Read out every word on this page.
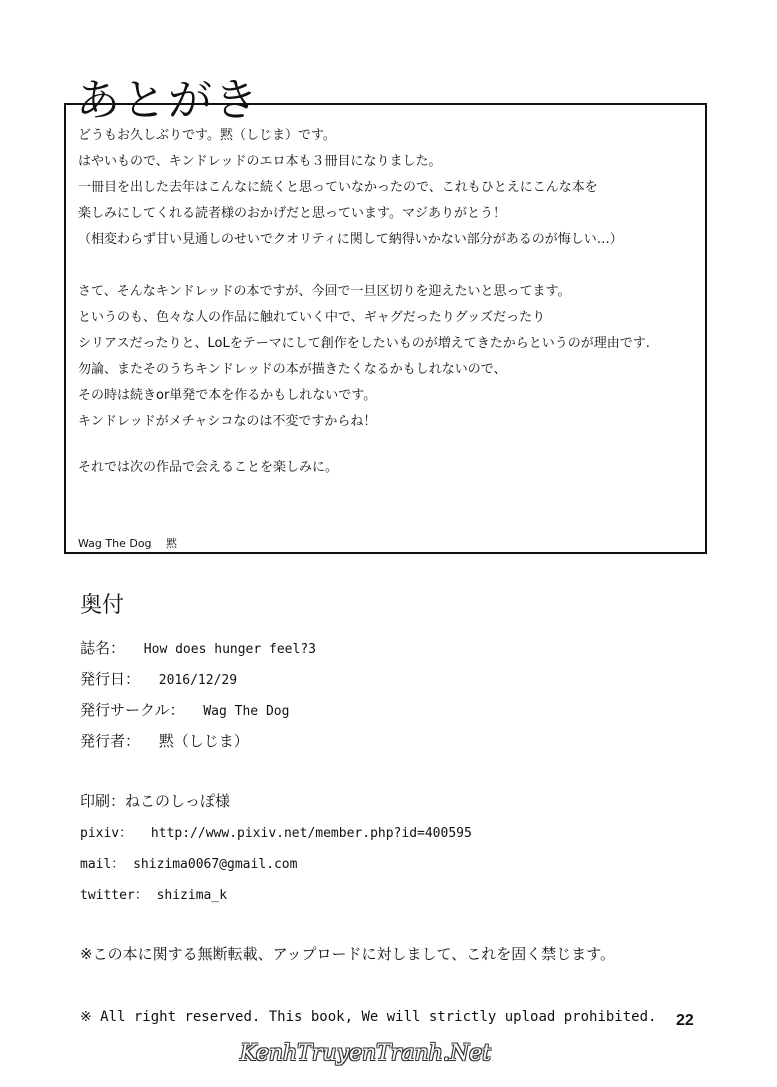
あとがき
どうもお久しぶりです。黙（しじま）です。
はやいもので、キンドレッドのエロ本も３冊目になりました。
一冊目を出した去年はこんなに続くと思っていなかったので、これもひとえにこんな本を
楽しみにしてくれる読者様のおかげだと思っています。マジありがとう！
（相変わらず甘い見通しのせいでクオリティに関して納得いかない部分があるのが悔しい…）
さて、そんなキンドレッドの本ですが、今回で一旦区切りを迎えたいと思ってます。
というのも、色々な人の作品に触れていく中で、ギャグだったりグッズだったり
シリアスだったりと、LoLをテーマにして創作をしたいものが増えてきたからというのが理由です.
勿論、またそのうちキンドレッドの本が描きたくなるかもしれないので、
その時は続きor単発で本を作るかもしれないです。
キンドレッドがメチャシコなのは不変ですからね！
それでは次の作品で会えることを楽しみに。
Wag The Dog　 黙
奥付
誌名： How does hunger feel?3
発行日： 2016/12/29
発行サークル： Wag The Dog
発行者： 黙（しじま）
印刷：ねこのしっぽ様
pixiv： http://www.pixiv.net/member.php?id=400595
mail： shizima0067@gmail.com
twitter： shizima_k
※この本に関する無断転載、アップロードに対しまして、これを固く禁じます。
※ All right reserved. This book, We will strictly upload prohibited. 22
KenhTruyenTranh.Net
